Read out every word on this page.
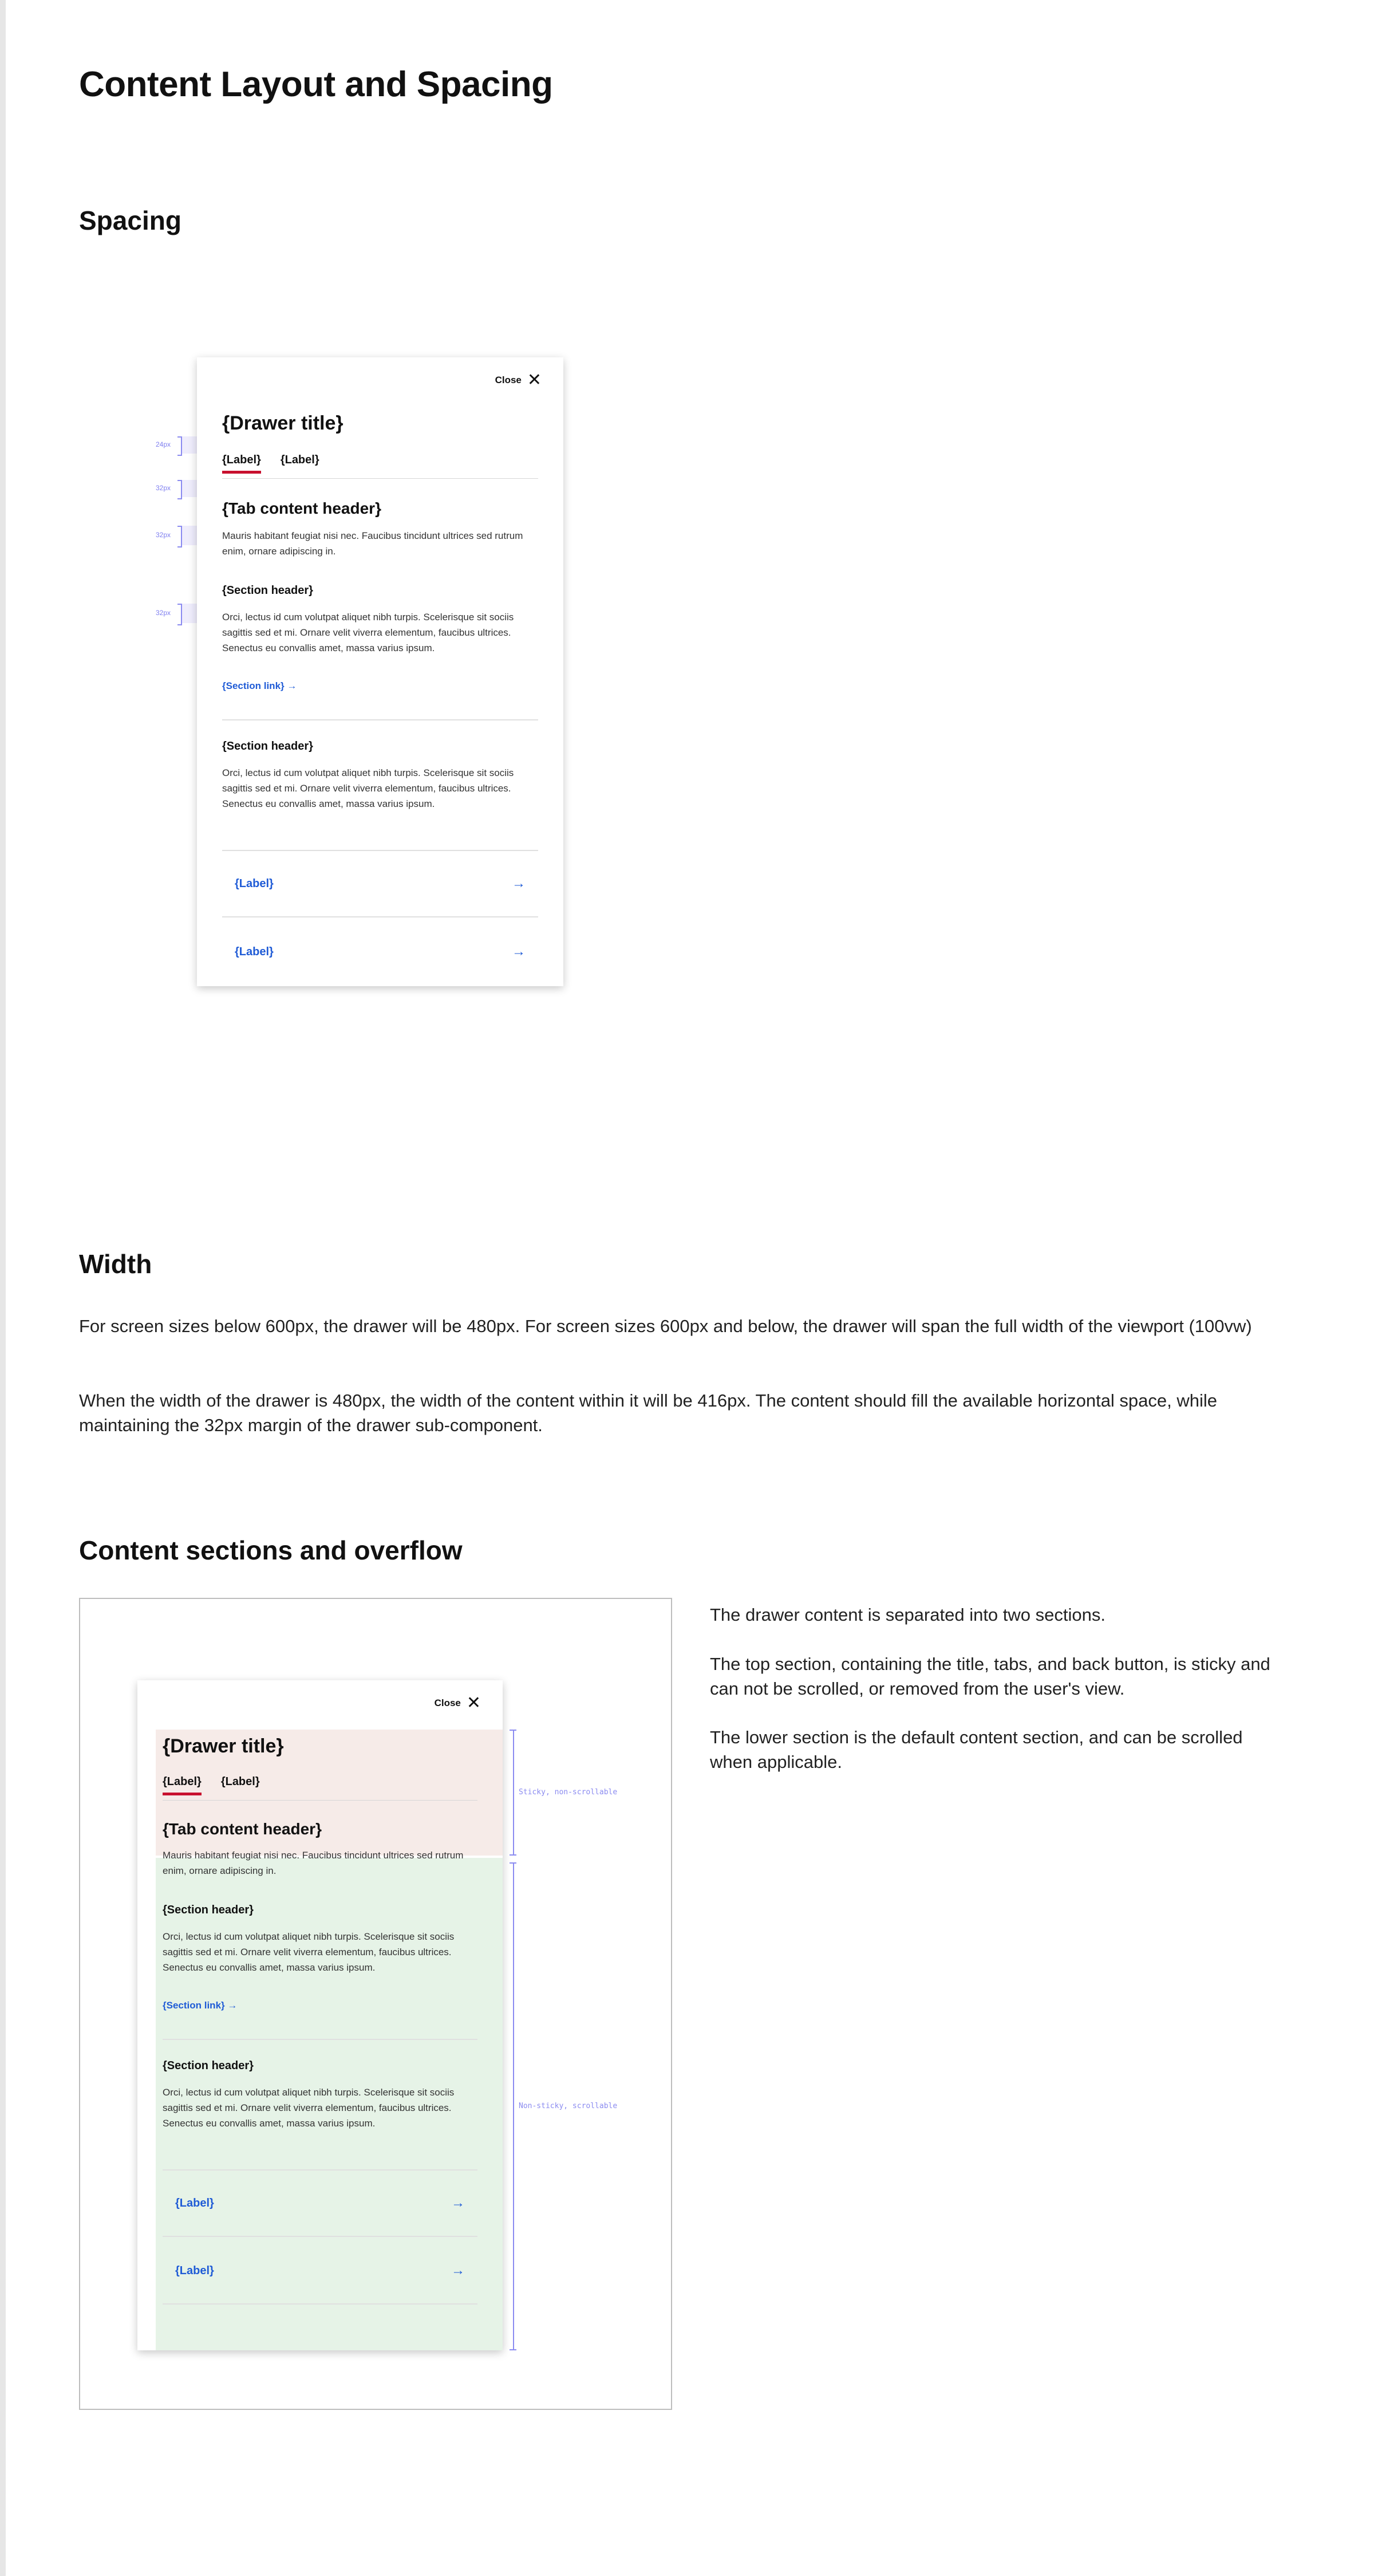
Content Layout and Spacing
Spacing
Close ✕
{Drawer title}
{Label} {Label}
{Tab content header}
Mauris habitant feugiat nisi nec. Faucibus tincidunt ultrices sed rutrum enim, ornare adipiscing in.
{Section header}
Orci, lectus id cum volutpat aliquet nibh turpis. Scelerisque sit sociis sagittis sed et mi. Ornare velit viverra elementum, faucibus ultrices. Senectus eu convallis amet, massa varius ipsum.
{Section link} →
{Section header}
Orci, lectus id cum volutpat aliquet nibh turpis. Scelerisque sit sociis sagittis sed et mi. Ornare velit viverra elementum, faucibus ultrices. Senectus eu convallis amet, massa varius ipsum.
{Label}	→
{Label}	→
24px
32px
32px
32px
Width

For screen sizes below 600px, the drawer will be 480px. For screen sizes 600px and below, the drawer will span the full width of the viewport (100vw)

When the width of the drawer is 480px, the width of the content within it will be 416px. The content should fill the available horizontal space, while maintaining the 32px margin of the drawer sub-component.

Content sections and overflow
Close ✕
{Drawer title}
{Label} {Label}
{Tab content header}
Mauris habitant feugiat nisi nec. Faucibus tincidunt ultrices sed rutrum enim, ornare adipiscing in.
{Section header}
Orci, lectus id cum volutpat aliquet nibh turpis. Scelerisque sit sociis sagittis sed et mi. Ornare velit viverra elementum, faucibus ultrices. Senectus eu convallis amet, massa varius ipsum.
{Section link} →
{Section header}
Orci, lectus id cum volutpat aliquet nibh turpis. Scelerisque sit sociis sagittis sed et mi. Ornare velit viverra elementum, faucibus ultrices. Senectus eu convallis amet, massa varius ipsum.
{Label}	→
{Label}	→
Sticky, non-scrollable
Non-sticky, scrollable

The drawer content is separated into two sections.

The top section, containing the title, tabs, and back button, is sticky and can not be scrolled, or removed from the user's view.

The lower section is the default content section, and can be scrolled when applicable.
